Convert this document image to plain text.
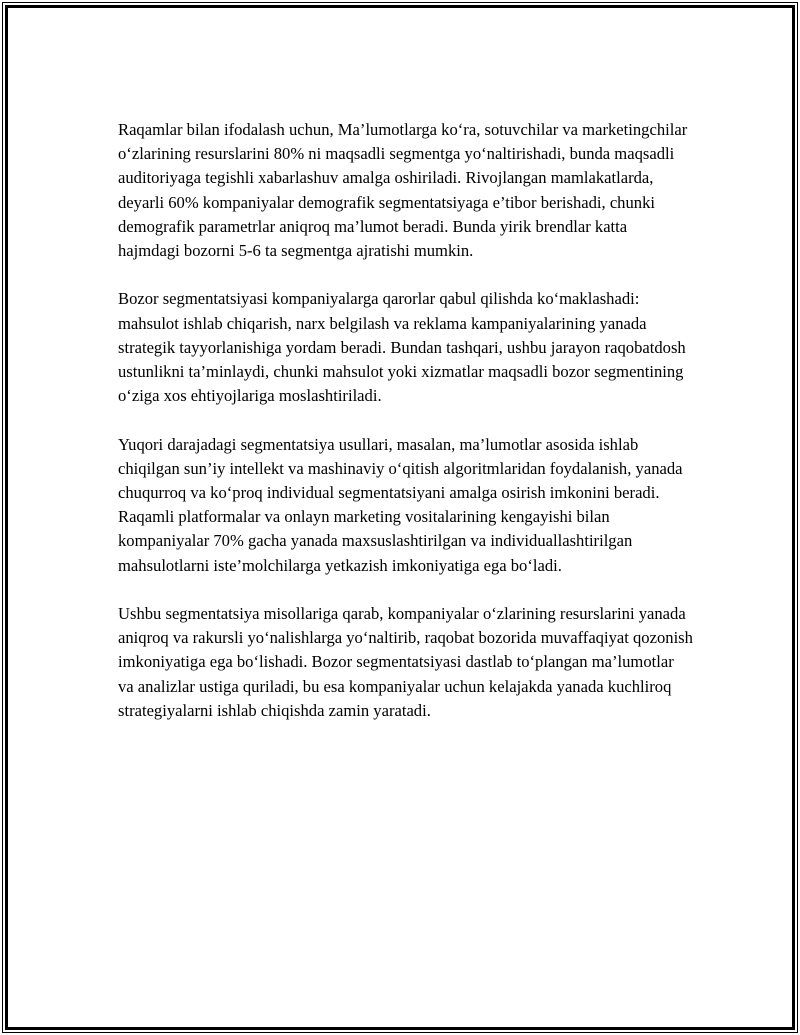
Raqamlar bilan ifodalash uchun, Ma’lumotlarga ko‘ra, sotuvchilar va marketingchilar o‘zlarining resurslarini 80% ni maqsadli segmentga yo‘naltirishadi, bunda maqsadli auditoriyaga tegishli xabarlashuv amalga oshiriladi. Rivojlangan mamlakatlarda, deyarli 60% kompaniyalar demografik segmentatsiyaga e’tibor berishadi, chunki demografik parametrlar aniqroq ma’lumot beradi. Bunda yirik brendlar katta hajmdagi bozorni 5-6 ta segmentga ajratishi mumkin.

Bozor segmentatsiyasi kompaniyalarga qarorlar qabul qilishda ko‘maklashadi: mahsulot ishlab chiqarish, narx belgilash va reklama kampaniyalarining yanada strategik tayyorlanishiga yordam beradi. Bundan tashqari, ushbu jarayon raqobatdosh ustunlikni ta’minlaydi, chunki mahsulot yoki xizmatlar maqsadli bozor segmentining o‘ziga xos ehtiyojlariga moslashtiriladi.

Yuqori darajadagi segmentatsiya usullari, masalan, ma’lumotlar asosida ishlab chiqilgan sun’iy intellekt va mashinaviy o‘qitish algoritmlaridan foydalanish, yanada chuqurroq va ko‘proq individual segmentatsiyani amalga osirish imkonini beradi. Raqamli platformalar va onlayn marketing vositalarining kengayishi bilan kompaniyalar 70% gacha yanada maxsuslashtirilgan va individuallashtirilgan mahsulotlarni iste’molchilarga yetkazish imkoniyatiga ega bo‘ladi.

Ushbu segmentatsiya misollariga qarab, kompaniyalar o‘zlarining resurslarini yanada aniqroq va rakursli yo‘nalishlarga yo‘naltirib, raqobat bozorida muvaffaqiyat qozonish imkoniyatiga ega bo‘lishadi. Bozor segmentatsiyasi dastlab to‘plangan ma’lumotlar va analizlar ustiga quriladi, bu esa kompaniyalar uchun kelajakda yanada kuchliroq strategiyalarni ishlab chiqishda zamin yaratadi.
